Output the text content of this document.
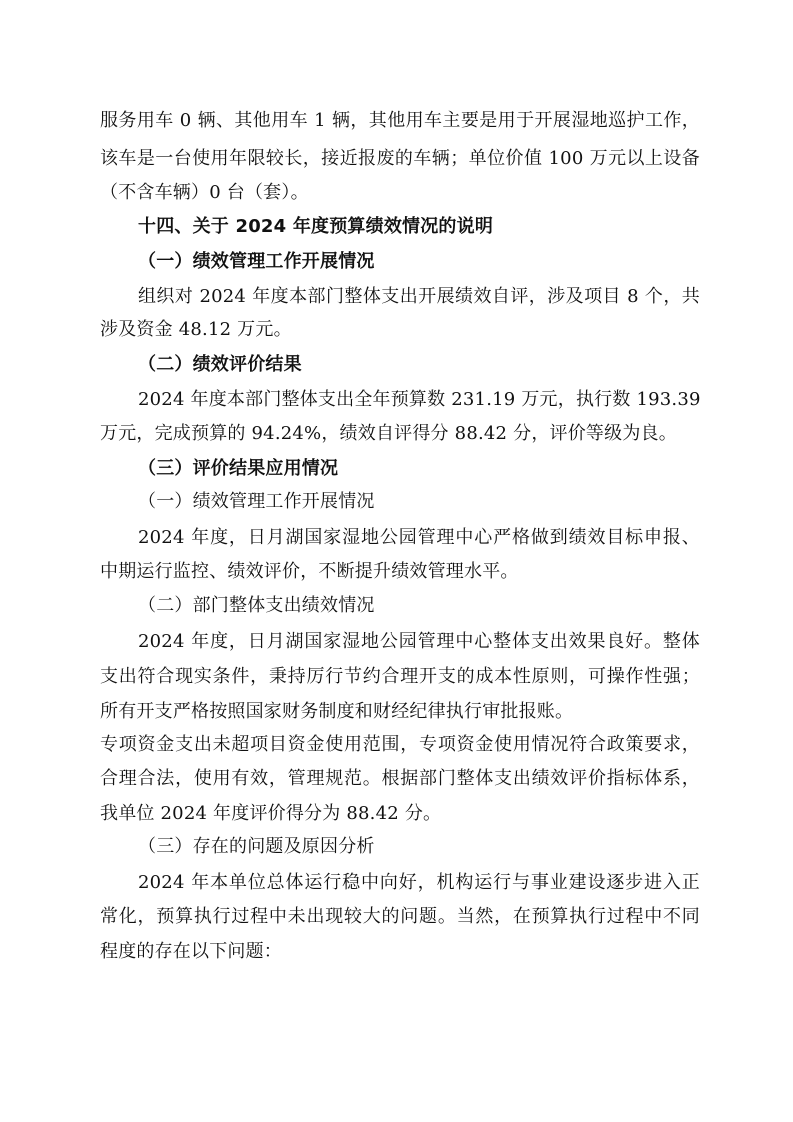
服务用车 0 辆、其他用车 1 辆，其他用车主要是用于开展湿地巡护工作，
该车是一台使用年限较长，接近报废的车辆；单位价值 100 万元以上设备
（不含车辆）0 台（套）。
十四、关于 2024 年度预算绩效情况的说明
（一）绩效管理工作开展情况
组织对 2024 年度本部门整体支出开展绩效自评，涉及项目 8 个，共
涉及资金 48.12 万元。
（二）绩效评价结果
2024 年度本部门整体支出全年预算数 231.19 万元，执行数 193.39
万元，完成预算的 94.24%，绩效自评得分 88.42 分，评价等级为良。
（三）评价结果应用情况
（一）绩效管理工作开展情况
2024 年度，日月湖国家湿地公园管理中心严格做到绩效目标申报、
中期运行监控、绩效评价，不断提升绩效管理水平。
（二）部门整体支出绩效情况
2024 年度，日月湖国家湿地公园管理中心整体支出效果良好。整体
支出符合现实条件，秉持厉行节约合理开支的成本性原则，可操作性强；
所有开支严格按照国家财务制度和财经纪律执行审批报账。
专项资金支出未超项目资金使用范围，专项资金使用情况符合政策要求，
合理合法，使用有效，管理规范。根据部门整体支出绩效评价指标体系，
我单位 2024 年度评价得分为 88.42 分。
（三）存在的问题及原因分析
2024 年本单位总体运行稳中向好，机构运行与事业建设逐步进入正
常化，预算执行过程中未出现较大的问题。当然，在预算执行过程中不同
程度的存在以下问题：
